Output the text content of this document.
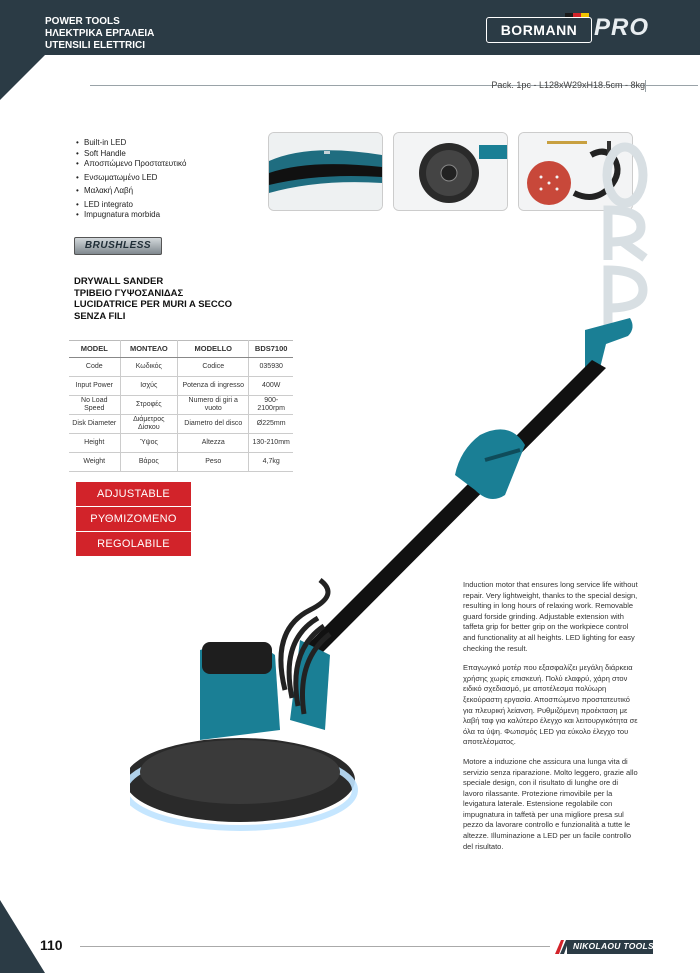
POWER TOOLS
ΗΛΕΚΤΡΙΚΑ ΕΡΓΑΛΕΙΑ
UTENSILI ELETTRICI
BORMANN PRO
Pack. 1pc - L128xW29xH18.5cm - 8kg
• Built-in LED
• Soft Handle
• Αποσπώμενο Προστατευτικό
• Ενσωματωμένο LED
• Μαλακή Λαβή
• LED integrato
• Impugnatura morbida
BRUSHLESS
DRYWALL SANDER
ΤΡΙΒΕΙΟ ΓΥΨΟΣΑΝΙΔΑΣ
LUCIDATRICE PER MURI A SECCO
SENZA FILI
MODEL	ΜΟΝΤΕΛΟ	MODELLO	BDS7100
Code	Κωδικός	Codice	035930
Input Power	Ισχύς	Potenza di ingresso	400W
No Load Speed	Στροφές	Numero di giri a vuoto	900-2100rpm
Disk Diameter	Διάμετρος Δίσκου	Diametro del disco	Ø225mm
Height	Ύψος	Altezza	130-210mm
Weight	Βάρος	Peso	4,7kg
ADJUSTABLE
ΡΥΘΜΙΖΟΜΕΝΟ
REGOLABILE

Induction motor that ensures long service life without repair. Very lightweight, thanks to the special design, resulting in long hours of relaxing work. Removable guard forside grinding. Adjustable extension with taffeta grip for better grip on the workpiece control and functionality at all heights. LED lighting for easy checking the result.

Επαγωγικό μοτέρ που εξασφαλίζει μεγάλη διάρκεια χρήσης χωρίς επισκευή. Πολύ ελαφρύ, χάρη στον ειδικό σχεδιασμό, με αποτέλεσμα πολύωρη ξεκούραστη εργασία. Αποσπώμενο προστατευτικό για πλευρική λείανση. Ρυθμιζόμενη προέκταση με λαβή ταφ για καλύτερο έλεγχο και λειτουργικότητα σε όλα τα ύψη. Φωτισμός LED για εύκολο έλεγχο του αποτελέσματος.

Motore a induzione che assicura una lunga vita di servizio senza riparazione. Molto leggero, grazie allo speciale design, con il risultato di lunghe ore di lavoro rilassante. Protezione rimovibile per la levigatura laterale. Estensione regolabile con impugnatura in taffetà per una migliore presa sul pezzo da lavorare controllo e funzionalità a tutte le altezze. Illuminazione a LED per un facile controllo del risultato.

110	NIKOLAOU TOOLS
